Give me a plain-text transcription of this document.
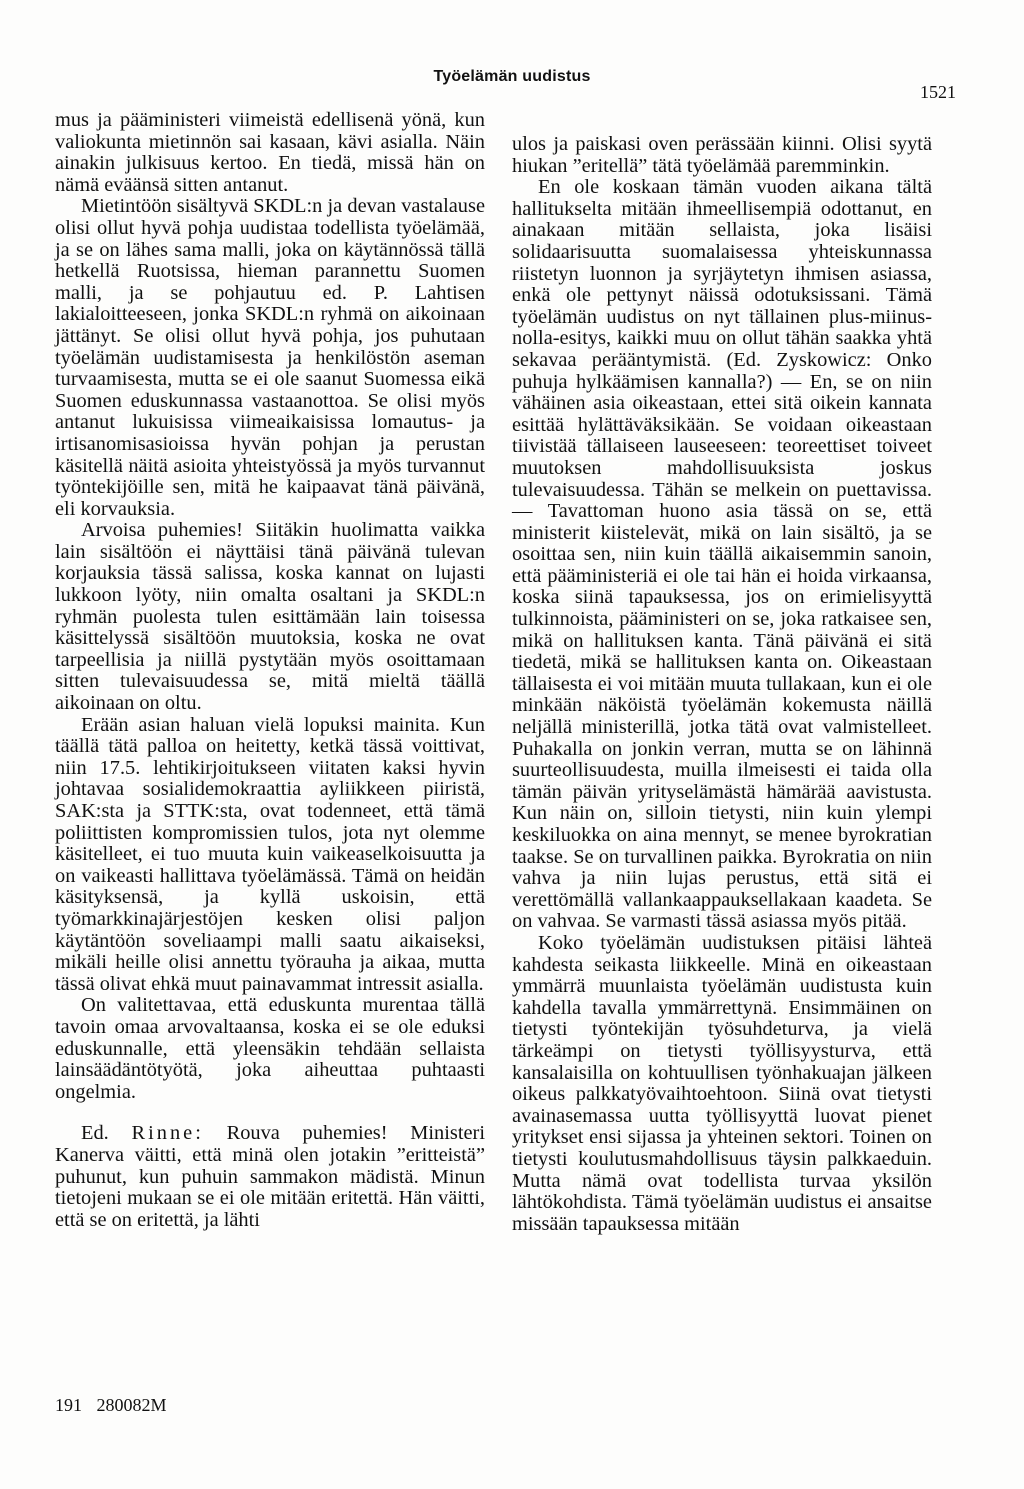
Työelämän uudistus
1521

mus ja pääministeri viimeistä edellisenä yönä, kun valiokunta mietinnön sai kasaan, kävi asialla. Näin ainakin julkisuus kertoo. En tiedä, missä hän on nämä eväänsä sitten antanut.

Mietintöön sisältyvä SKDL:n ja devan vastalause olisi ollut hyvä pohja uudistaa todellista työelämää, ja se on lähes sama malli, joka on käytännössä tällä hetkellä Ruotsissa, hieman parannettu Suomen malli, ja se pohjautuu ed. P. Lahtisen lakialoitteeseen, jonka SKDL:n ryhmä on aikoinaan jättänyt. Se olisi ollut hyvä pohja, jos puhutaan työelämän uudistamisesta ja henkilöstön aseman turvaamisesta, mutta se ei ole saanut Suomessa eikä Suomen eduskunnassa vastaanottoa. Se olisi myös antanut lukuisissa viimeaikaisissa lomautus- ja irtisanomisasioissa hyvän pohjan ja perustan käsitellä näitä asioita yhteistyössä ja myös turvannut työntekijöille sen, mitä he kaipaavat tänä päivänä, eli korvauksia.

Arvoisa puhemies! Siitäkin huolimatta vaikka lain sisältöön ei näyttäisi tänä päivänä tulevan korjauksia tässä salissa, koska kannat on lujasti lukkoon lyöty, niin omalta osaltani ja SKDL:n ryhmän puolesta tulen esittämään lain toisessa käsittelyssä sisältöön muutoksia, koska ne ovat tarpeellisia ja niillä pystytään myös osoittamaan sitten tulevaisuudessa se, mitä mieltä täällä aikoinaan on oltu.

Erään asian haluan vielä lopuksi mainita. Kun täällä tätä palloa on heitetty, ketkä tässä voittivat, niin 17.5. lehtikirjoitukseen viitaten kaksi hyvin johtavaa sosialidemokraattia ayliikkeen piiristä, SAK:sta ja STTK:sta, ovat todenneet, että tämä poliittisten kompromissien tulos, jota nyt olemme käsitelleet, ei tuo muuta kuin vaikeaselkoisuutta ja on vaikeasti hallittava työelämässä. Tämä on heidän käsityksensä, ja kyllä uskoisin, että työmarkkinajärjestöjen kesken olisi paljon käytäntöön soveliaampi malli saatu aikaiseksi, mikäli heille olisi annettu työrauha ja aikaa, mutta tässä olivat ehkä muut painavammat intressit asialla.

On valitettavaa, että eduskunta murentaa tällä tavoin omaa arvovaltaansa, koska ei se ole eduksi eduskunnalle, että yleensäkin tehdään sellaista lainsäädäntötyötä, joka aiheuttaa puhtaasti ongelmia.

Ed. Rinne: Rouva puhemies! Ministeri Kanerva väitti, että minä olen jotakin ”eritteistä” puhunut, kun puhuin sammakon mädistä. Minun tietojeni mukaan se ei ole mitään eritettä. Hän väitti, että se on eritettä, ja lähti

ulos ja paiskasi oven perässään kiinni. Olisi syytä hiukan ”eritellä” tätä työelämää paremminkin.

En ole koskaan tämän vuoden aikana tältä hallitukselta mitään ihmeellisempiä odottanut, en ainakaan mitään sellaista, joka lisäisi solidaarisuutta suomalaisessa yhteiskunnassa riistetyn luonnon ja syrjäytetyn ihmisen asiassa, enkä ole pettynyt näissä odotuksissani. Tämä työelämän uudistus on nyt tällainen plus-miinus-nolla-esitys, kaikki muu on ollut tähän saakka yhtä sekavaa perääntymistä. (Ed. Zyskowicz: Onko puhuja hylkäämisen kannalla?) — En, se on niin vähäinen asia oikeastaan, ettei sitä oikein kannata esittää hylättäväksikään. Se voidaan oikeastaan tiivistää tällaiseen lauseeseen: teoreettiset toiveet muutoksen mahdollisuuksista joskus tulevaisuudessa. Tähän se melkein on puettavissa. — Tavattoman huono asia tässä on se, että ministerit kiistelevät, mikä on lain sisältö, ja se osoittaa sen, niin kuin täällä aikaisemmin sanoin, että pääministeriä ei ole tai hän ei hoida virkaansa, koska siinä tapauksessa, jos on erimielisyyttä tulkinnoista, pääministeri on se, joka ratkaisee sen, mikä on hallituksen kanta. Tänä päivänä ei sitä tiedetä, mikä se hallituksen kanta on. Oikeastaan tällaisesta ei voi mitään muuta tullakaan, kun ei ole minkään näköistä työelämän kokemusta näillä neljällä ministerillä, jotka tätä ovat valmistelleet. Puhakalla on jonkin verran, mutta se on lähinnä suurteollisuudesta, muilla ilmeisesti ei taida olla tämän päivän yrityselämästä hämärää aavistusta. Kun näin on, silloin tietysti, niin kuin ylempi keskiluokka on aina mennyt, se menee byrokratian taakse. Se on turvallinen paikka. Byrokratia on niin vahva ja niin lujas perustus, että sitä ei verettömällä vallankaappauksellakaan kaadeta. Se on vahvaa. Se varmasti tässä asiassa myös pitää.

Koko työelämän uudistuksen pitäisi lähteä kahdesta seikasta liikkeelle. Minä en oikeastaan ymmärrä muunlaista työelämän uudistusta kuin kahdella tavalla ymmärrettynä. Ensimmäinen on tietysti työntekijän työsuhdeturva, ja vielä tärkeämpi on tietysti työllisyysturva, että kansalaisilla on kohtuullisen työnhakuajan jälkeen oikeus palkkatyövaihtoehtoon. Siinä ovat tietysti avainasemassa uutta työllisyyttä luovat pienet yritykset ensi sijassa ja yhteinen sektori. Toinen on tietysti koulutusmahdollisuus täysin palkkaeduin. Mutta nämä ovat todellista turvaa yksilön lähtökohdista. Tämä työelämän uudistus ei ansaitse missään tapauksessa mitään

191 280082M
